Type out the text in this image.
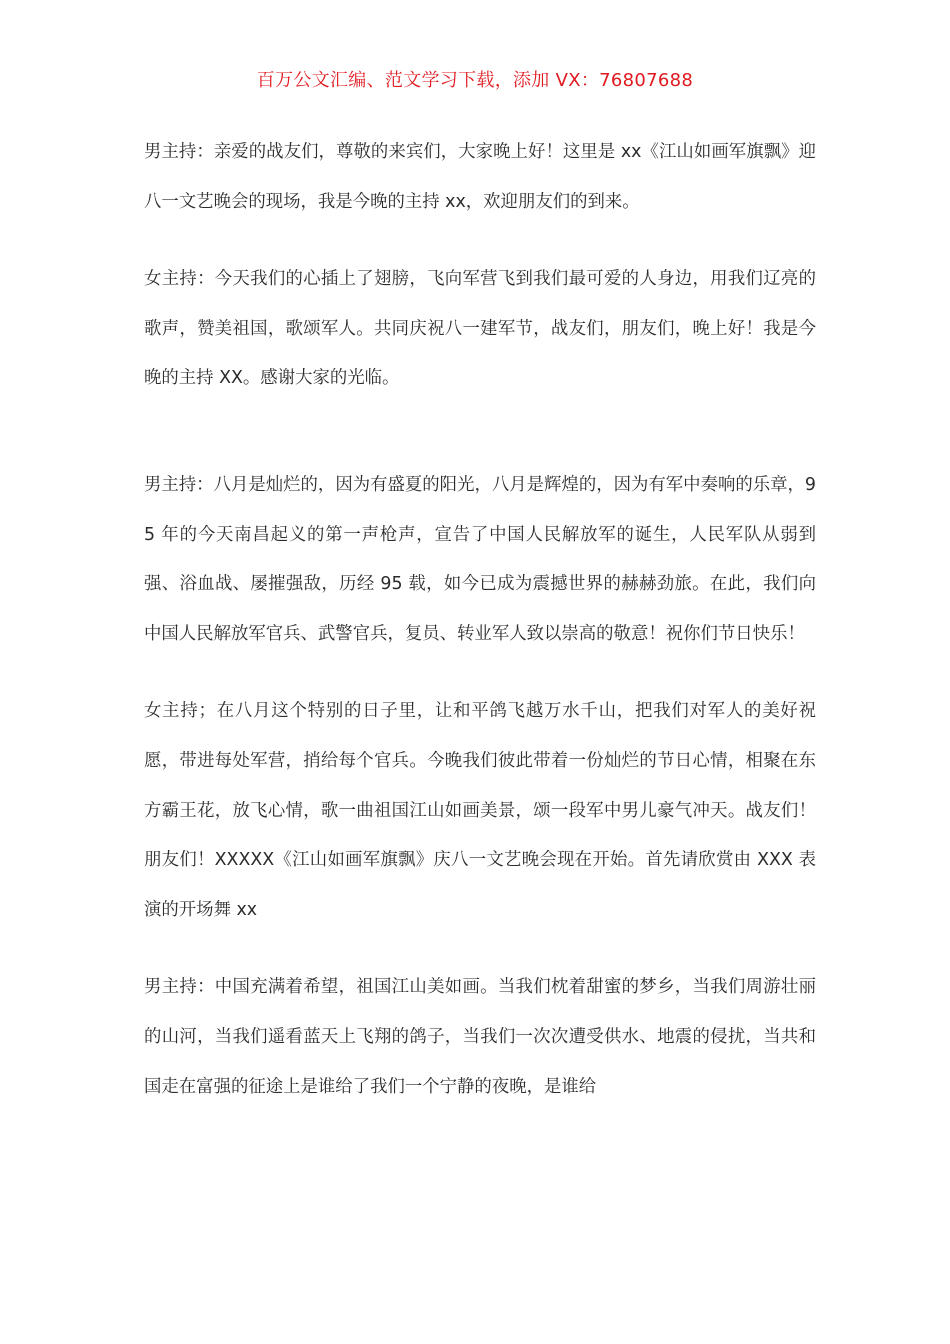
百万公文汇编、范文学习下载，添加 VX：76807688

男主持：亲爱的战友们，尊敬的来宾们，大家晚上好！这里是 xx《江山如画军旗飘》迎八一文艺晚会的现场，我是今晚的主持 xx，欢迎朋友们的到来。

女主持：今天我们的心插上了翅膀，飞向军营飞到我们最可爱的人身边，用我们辽亮的歌声，赞美祖国，歌颂军人。共同庆祝八一建军节，战友们，朋友们，晚上好！我是今晚的主持 XX。感谢大家的光临。

男主持：八月是灿烂的，因为有盛夏的阳光，八月是辉煌的，因为有军中奏响的乐章，95 年的今天南昌起义的第一声枪声，宣告了中国人民解放军的诞生，人民军队从弱到强、浴血战、屡摧强敌，历经 95 载，如今已成为震撼世界的赫赫劲旅。在此，我们向中国人民解放军官兵、武警官兵，复员、转业军人致以崇高的敬意！祝你们节日快乐！

女主持；在八月这个特别的日子里，让和平鸽飞越万水千山，把我们对军人的美好祝愿，带进每处军营，捎给每个官兵。今晚我们彼此带着一份灿烂的节日心情，相聚在东方霸王花，放飞心情，歌一曲祖国江山如画美景，颂一段军中男儿豪气冲天。战友们！朋友们！XXXXX《江山如画军旗飘》庆八一文艺晚会现在开始。首先请欣赏由 XXX 表演的开场舞 xx

男主持：中国充满着希望，祖国江山美如画。当我们枕着甜蜜的梦乡，当我们周游壮丽的山河，当我们遥看蓝天上飞翔的鸽子，当我们一次次遭受供水、地震的侵扰，当共和国走在富强的征途上是谁给了我们一个宁静的夜晚，是谁给
